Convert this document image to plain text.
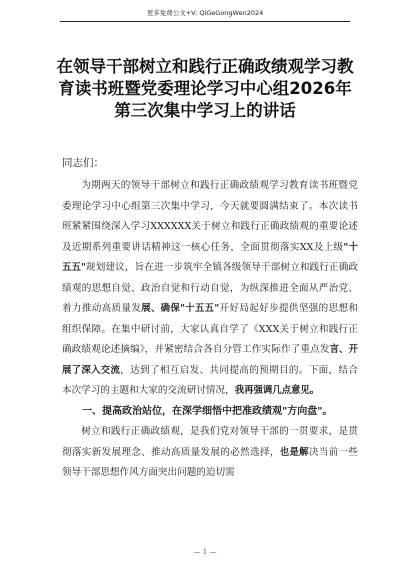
更多免费公文+V: QiGeGongWen2024
在领导干部树立和践行正确政绩观学习教
育读书班暨党委理论学习中心组2026年
第三次集中学习上的讲话
同志们：

为期两天的领导干部树立和践行正确政绩观学习教育读书班暨党委理论学习中心组第三次集中学习，今天就要圆满结束了。本次读书班紧紧围绕深入学习XXXXXX关于树立和践行正确政绩观的重要论述及近期系列重要讲话精神这一核心任务，全面贯彻落实XX及上级"十五五"规划建议，旨在进一步筑牢全镇各级领导干部树立和践行正确政绩观的思想自觉、政治自觉和行动自觉，为纵深推进全面从严治党、着力推动高质量发展、确保"十五五"开好局起好步提供坚强的思想和组织保障。在集中研讨前，大家认真自学了《XXX关于树立和践行正确政绩观论述摘编》，并紧密结合各自分管工作实际作了重点发言、开展了深入交流，达到了相互启发、共同提高的预期目的。下面，结合本次学习的主题和大家的交流研讨情况，我再强调几点意见。

一、提高政治站位，在深学细悟中把准政绩观"方向盘"。

树立和践行正确政绩观，是我们党对领导干部的一贯要求，是贯彻落实新发展理念、推动高质量发展的必然选择，也是解决当前一些领导干部思想作风方面突出问题的迫切需

— 1 —
